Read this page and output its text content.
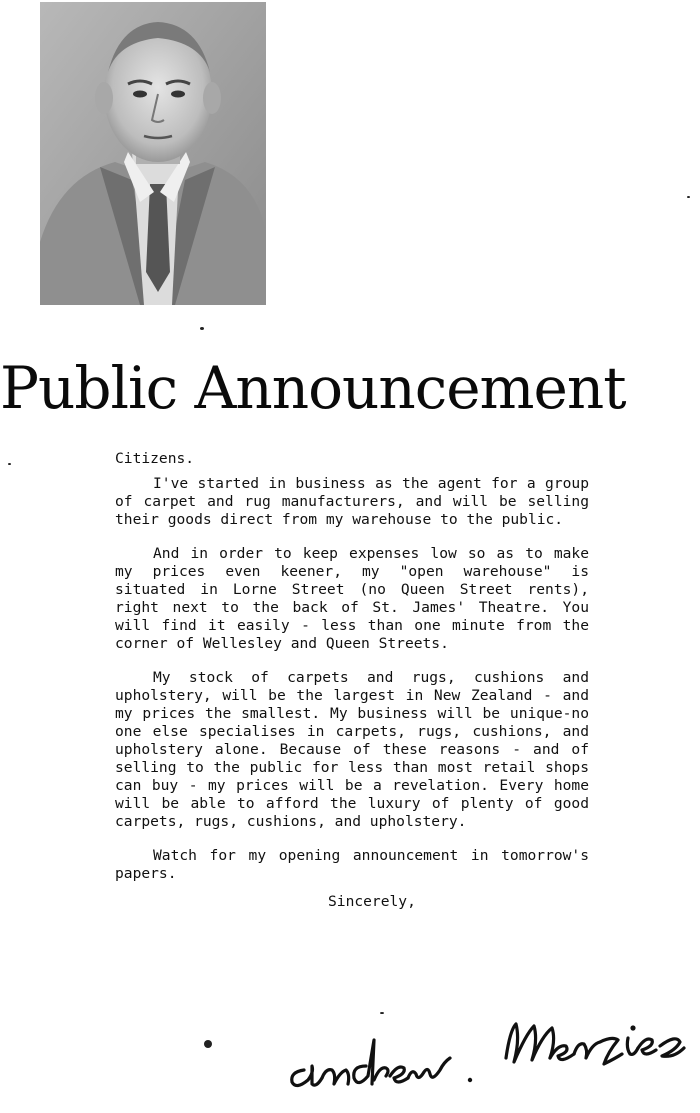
Public Announcement

Citizens.

I've started in business as the agent for a group of carpet and rug manufacturers, and will be selling their goods direct from my warehouse to the public.

And in order to keep expenses low so as to make my prices even keener, my "open warehouse" is situated in Lorne Street (no Queen Street rents), right next to the back of St. James' Theatre. You will find it easily - less than one minute from the corner of Wellesley and Queen Streets.

My stock of carpets and rugs, cushions and upholstery, will be the largest in New Zealand - and my prices the smallest. My business will be unique-no one else specialises in carpets, rugs, cushions, and upholstery alone. Because of these reasons - and of selling to the public for less than most retail shops can buy - my prices will be a revelation. Every home will be able to afford the luxury of plenty of good carpets, rugs, cushions, and upholstery.

Watch for my opening announcement in tomorrow's papers.

Sincerely,
